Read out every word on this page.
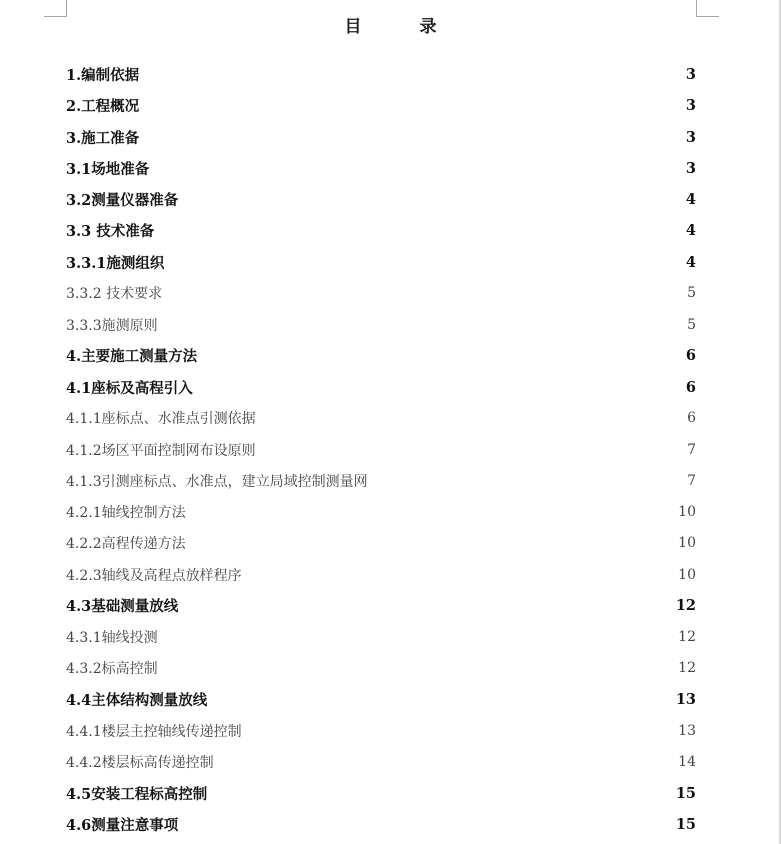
目 录
1.编制依据	3
2.工程概况	3
3.施工准备	3
3.1场地准备	3
3.2测量仪器准备	4
3.3 技术准备	4
3.3.1施测组织	4
3.3.2 技术要求	5
3.3.3施测原则	5
4.主要施工测量方法	6
4.1座标及高程引入	6
4.1.1座标点、水准点引测依据	6
4.1.2场区平面控制网布设原则	7
4.1.3引测座标点、水准点，建立局域控制测量网	7
4.2.1轴线控制方法	10
4.2.2高程传递方法	10
4.2.3轴线及高程点放样程序	10
4.3基础测量放线	12
4.3.1轴线投测	12
4.3.2标高控制	12
4.4主体结构测量放线	13
4.4.1楼层主控轴线传递控制	13
4.4.2楼层标高传递控制	14
4.5安装工程标高控制	15
4.6测量注意事项	15
